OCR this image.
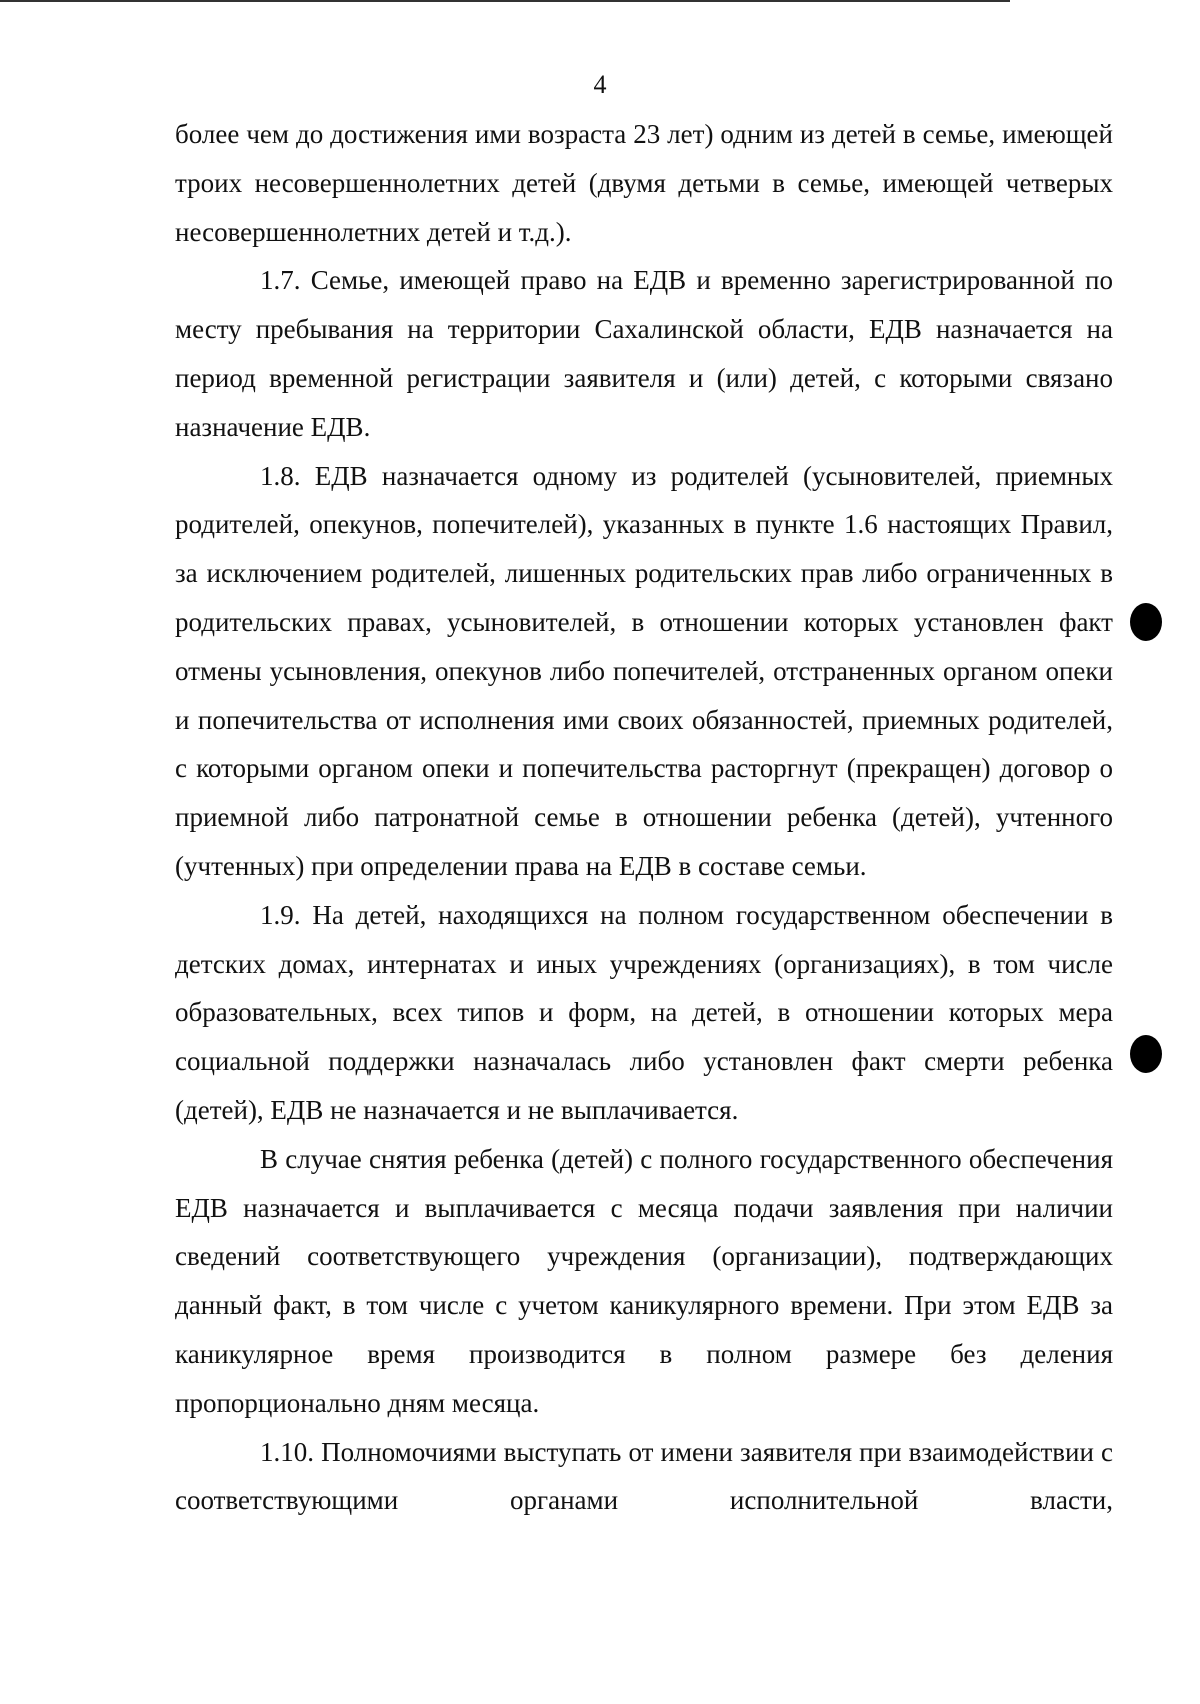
4

более чем до достижения ими возраста 23 лет) одним из детей в семье, имеющей троих несовершеннолетних детей (двумя детьми в семье, имеющей четверых несовершеннолетних детей и т.д.).

1.7. Семье, имеющей право на ЕДВ и временно зарегистрированной по месту пребывания на территории Сахалинской области, ЕДВ назначается на период временной регистрации заявителя и (или) детей, с которыми связано назначение ЕДВ.

1.8. ЕДВ назначается одному из родителей (усыновителей, приемных родителей, опекунов, попечителей), указанных в пункте 1.6 настоящих Правил, за исключением родителей, лишенных родительских прав либо ограниченных в родительских правах, усыновителей, в отношении которых установлен факт отмены усыновления, опекунов либо попечителей, отстраненных органом опеки и попечительства от исполнения ими своих обязанностей, приемных родителей, с которыми органом опеки и попечительства расторгнут (прекращен) договор о приемной либо патронатной семье в отношении ребенка (детей), учтенного (учтенных) при определении права на ЕДВ в составе семьи.

1.9. На детей, находящихся на полном государственном обеспечении в детских домах, интернатах и иных учреждениях (организациях), в том числе образовательных, всех типов и форм, на детей, в отношении которых мера социальной поддержки назначалась либо установлен факт смерти ребенка (детей), ЕДВ не назначается и не выплачивается.

В случае снятия ребенка (детей) с полного государственного обеспечения ЕДВ назначается и выплачивается с месяца подачи заявления при наличии сведений соответствующего учреждения (организации), подтверждающих данный факт, в том числе с учетом каникулярного времени. При этом ЕДВ за каникулярное время производится в полном размере без деления пропорционально дням месяца.

1.10. Полномочиями выступать от имени заявителя при взаимодействии с соответствующими органами исполнительной власти,
